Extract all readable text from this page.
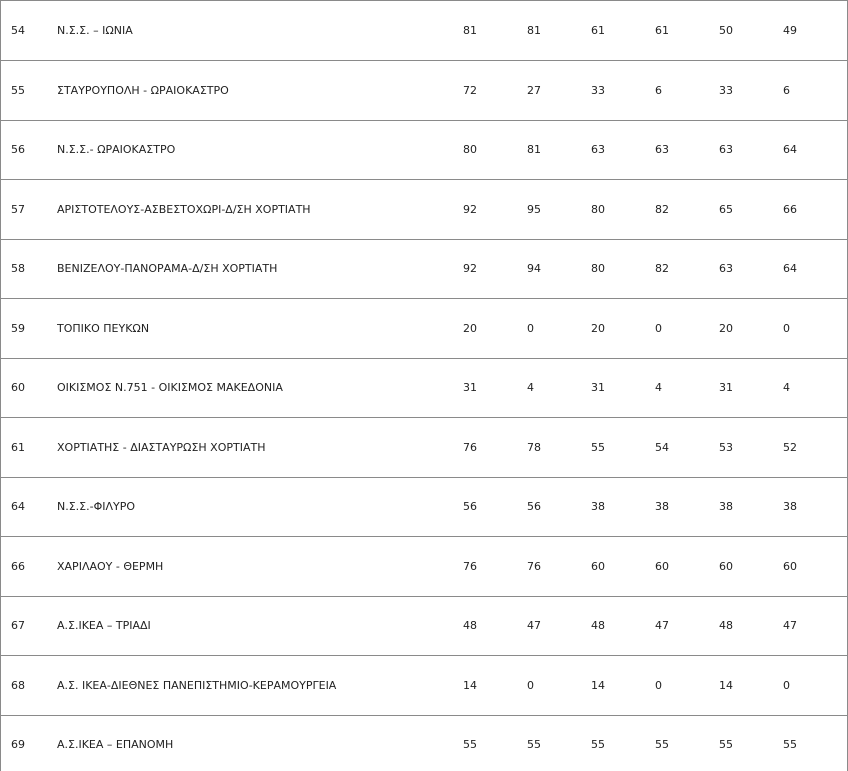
54	Ν.Σ.Σ. – ΙΩΝΙΑ	81	81	61	61	50	49
55	ΣΤΑΥΡΟΥΠΟΛΗ - ΩΡΑΙΟΚΑΣΤΡΟ	72	27	33	6	33	6
56	Ν.Σ.Σ.- ΩΡΑΙΟΚΑΣΤΡΟ	80	81	63	63	63	64
57	ΑΡΙΣΤΟΤΕΛΟΥΣ-ΑΣΒΕΣΤΟΧΩΡΙ-Δ/ΣΗ ΧΟΡΤΙΑΤΗ	92	95	80	82	65	66
58	ΒΕΝΙΖΕΛΟΥ-ΠΑΝΟΡΑΜΑ-Δ/ΣΗ ΧΟΡΤΙΑΤΗ	92	94	80	82	63	64
59	ΤΟΠΙΚΟ ΠΕΥΚΩΝ	20	0	20	0	20	0
60	ΟΙΚΙΣΜΟΣ Ν.751 - ΟΙΚΙΣΜΟΣ ΜΑΚΕΔΟΝΙΑ	31	4	31	4	31	4
61	ΧΟΡΤΙΑΤΗΣ - ΔΙΑΣΤΑΥΡΩΣΗ ΧΟΡΤΙΑΤΗ	76	78	55	54	53	52
64	Ν.Σ.Σ.-ΦΙΛΥΡΟ	56	56	38	38	38	38
66	ΧΑΡΙΛΑΟΥ - ΘΕΡΜΗ	76	76	60	60	60	60
67	Α.Σ.ΙΚΕΑ – ΤΡΙΑΔΙ	48	47	48	47	48	47
68	Α.Σ. ΙΚΕΑ-ΔΙΕΘΝΕΣ ΠΑΝΕΠΙΣΤΗΜΙΟ-ΚΕΡΑΜΟΥΡΓΕΙΑ	14	0	14	0	14	0
69	Α.Σ.ΙΚΕΑ – ΕΠΑΝΟΜΗ	55	55	55	55	55	55
